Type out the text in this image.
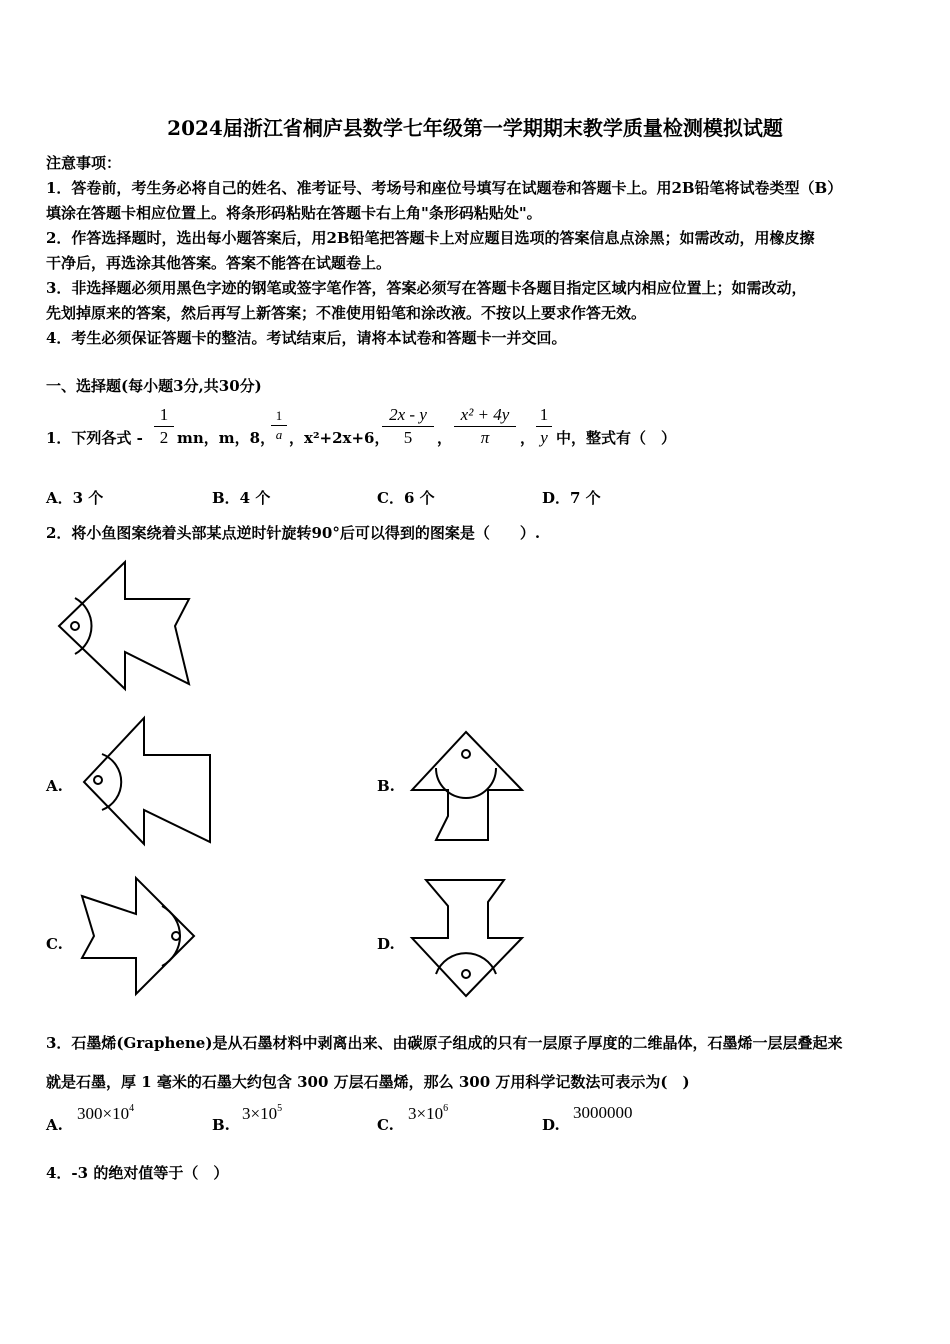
2024届浙江省桐庐县数学七年级第一学期期末教学质量检测模拟试题
注意事项：
1．答卷前，考生务必将自己的姓名、准考证号、考场号和座位号填写在试题卷和答题卡上。用2B铅笔将试卷类型（B）
填涂在答题卡相应位置上。将条形码粘贴在答题卡右上角"条形码粘贴处"。
2．作答选择题时，选出每小题答案后，用2B铅笔把答题卡上对应题目选项的答案信息点涂黑；如需改动，用橡皮擦
干净后，再选涂其他答案。答案不能答在试题卷上。
3．非选择题必须用黑色字迹的钢笔或签字笔作答，答案必须写在答题卡各题目指定区域内相应位置上；如需改动，
先划掉原来的答案，然后再写上新答案；不准使用铅笔和涂改液。不按以上要求作答无效。
4．考生必须保证答题卡的整洁。考试结束后，请将本试卷和答题卡一并交回。
一、选择题(每小题3分,共30分)
1．下列各式 -
1
2 mn，m，8，
1
a ，x²+2x+6，
2x - y
5	，
x² + 4y
π	，
1
y 中，整式有（　）
A．3 个	B．4 个	C．6 个	D．7 个
2．将小鱼图案绕着头部某点逆时针旋转90°后可以得到的图案是（　　）.
A.	B.
C.	D.
3．石墨烯(Graphene)是从石墨材料中剥离出来、由碳原子组成的只有一层原子厚度的二维晶体，石墨烯一层层叠起来
就是石墨，厚 1 毫米的石墨大约包含 300 万层石墨烯，那么 300 万用科学记数法可表示为(　)
A.
$300\times 10^4$
B.
$3\times 10^5$
C.
$3\times 10^6$
D.
3000000
4．-3 的绝对值等于（　）
